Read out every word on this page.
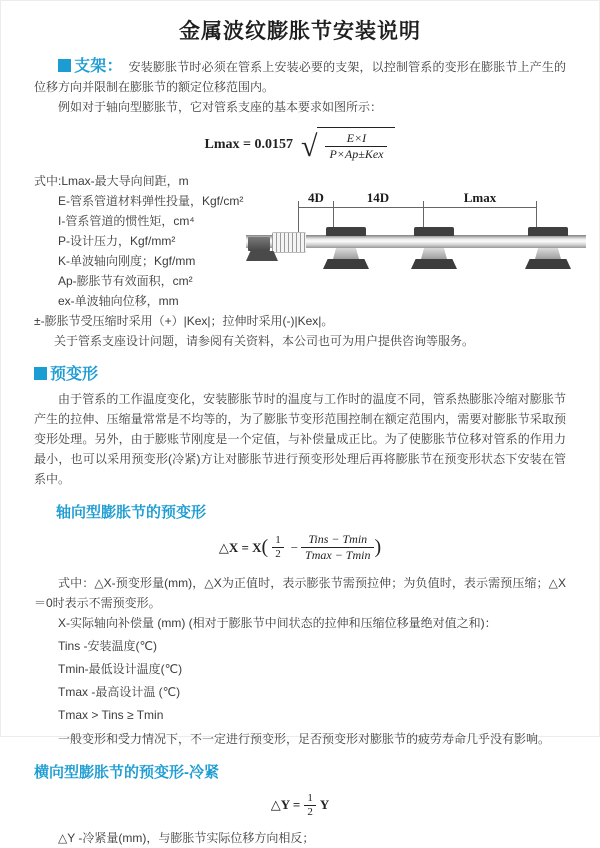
金属波纹膨胀节安装说明

支架： 安装膨胀节时必须在管系上安装必要的支架，以控制管系的变形在膨胀节上产生的位移方向并限制在膨胀节的额定位移范围内。

例如对于轴向型膨胀节，它对管系支座的基本要求如图所示：

Lmax = 0.0157 √ $\frac{E\times I}{\text{P×Ap±Kex}}$

式中:Lmax-最大导向间距，m

E-管系管道材料弹性投量，Kgf/cm²

I-管系管道的惯性矩，cm⁴

P-设计压力，Kgf/mm²

K-单波轴向刚度；Kgf/mm

Ap-膨胀节有效面积，cm²

ex-单波轴向位移，mm

±-膨胀节受压缩时采用（+）|Kex|；拉伸时采用(-)|Kex|。

关于管系支座设计问题，请参阅有关资料，本公司也可为用户提供咨询等服务。

预变形

由于管系的工作温度变化，安装膨胀节时的温度与工作时的温度不同，管系热膨胀冷缩对膨胀节产生的拉伸、压缩量常常是不均等的，为了膨胀节变形范围控制在额定范围内，需要对膨胀节采取预变形处理。另外，由于膨账节刚度是一个定值，与补偿量成正比。为了使膨胀节位移对管系的作用力最小，也可以采用预变形(冷紧)方让对膨胀节进行预变形处理后再将膨胀节在预变形状态下安装在管系中。

轴向型膨胀节的预变形
△X = X ( $\frac{1}{2} - \frac{\text{Tins − Tmin}}{Tmax - Tmin}$ )

式中：△X-预变形量(mm)，△X为正值时，表示膨张节需预拉伸；为负值时，表示需预压缩；△X＝0时表示不需预变形。

X-实际轴向补偿量 (mm) (相对于膨胀节中间状态的拉伸和压缩位移量绝对值之和)：

Tins -安装温度(℃)

Tmin-最低设计温度(℃)

Tmax -最高设计温 (℃)

Tmax > Tins ≥ Tmin

一般变形和受力情况下，不一定进行预变形，足否预变形对膨胀节的疲劳寿命几乎没有影响。

横向型膨胀节的预变形-冷紧
△Y = $\frac{1}{2}$ Y

△Y -冷紧量(mm)，与膨胀节实际位移方向相反；

4D	14D	Lmax
